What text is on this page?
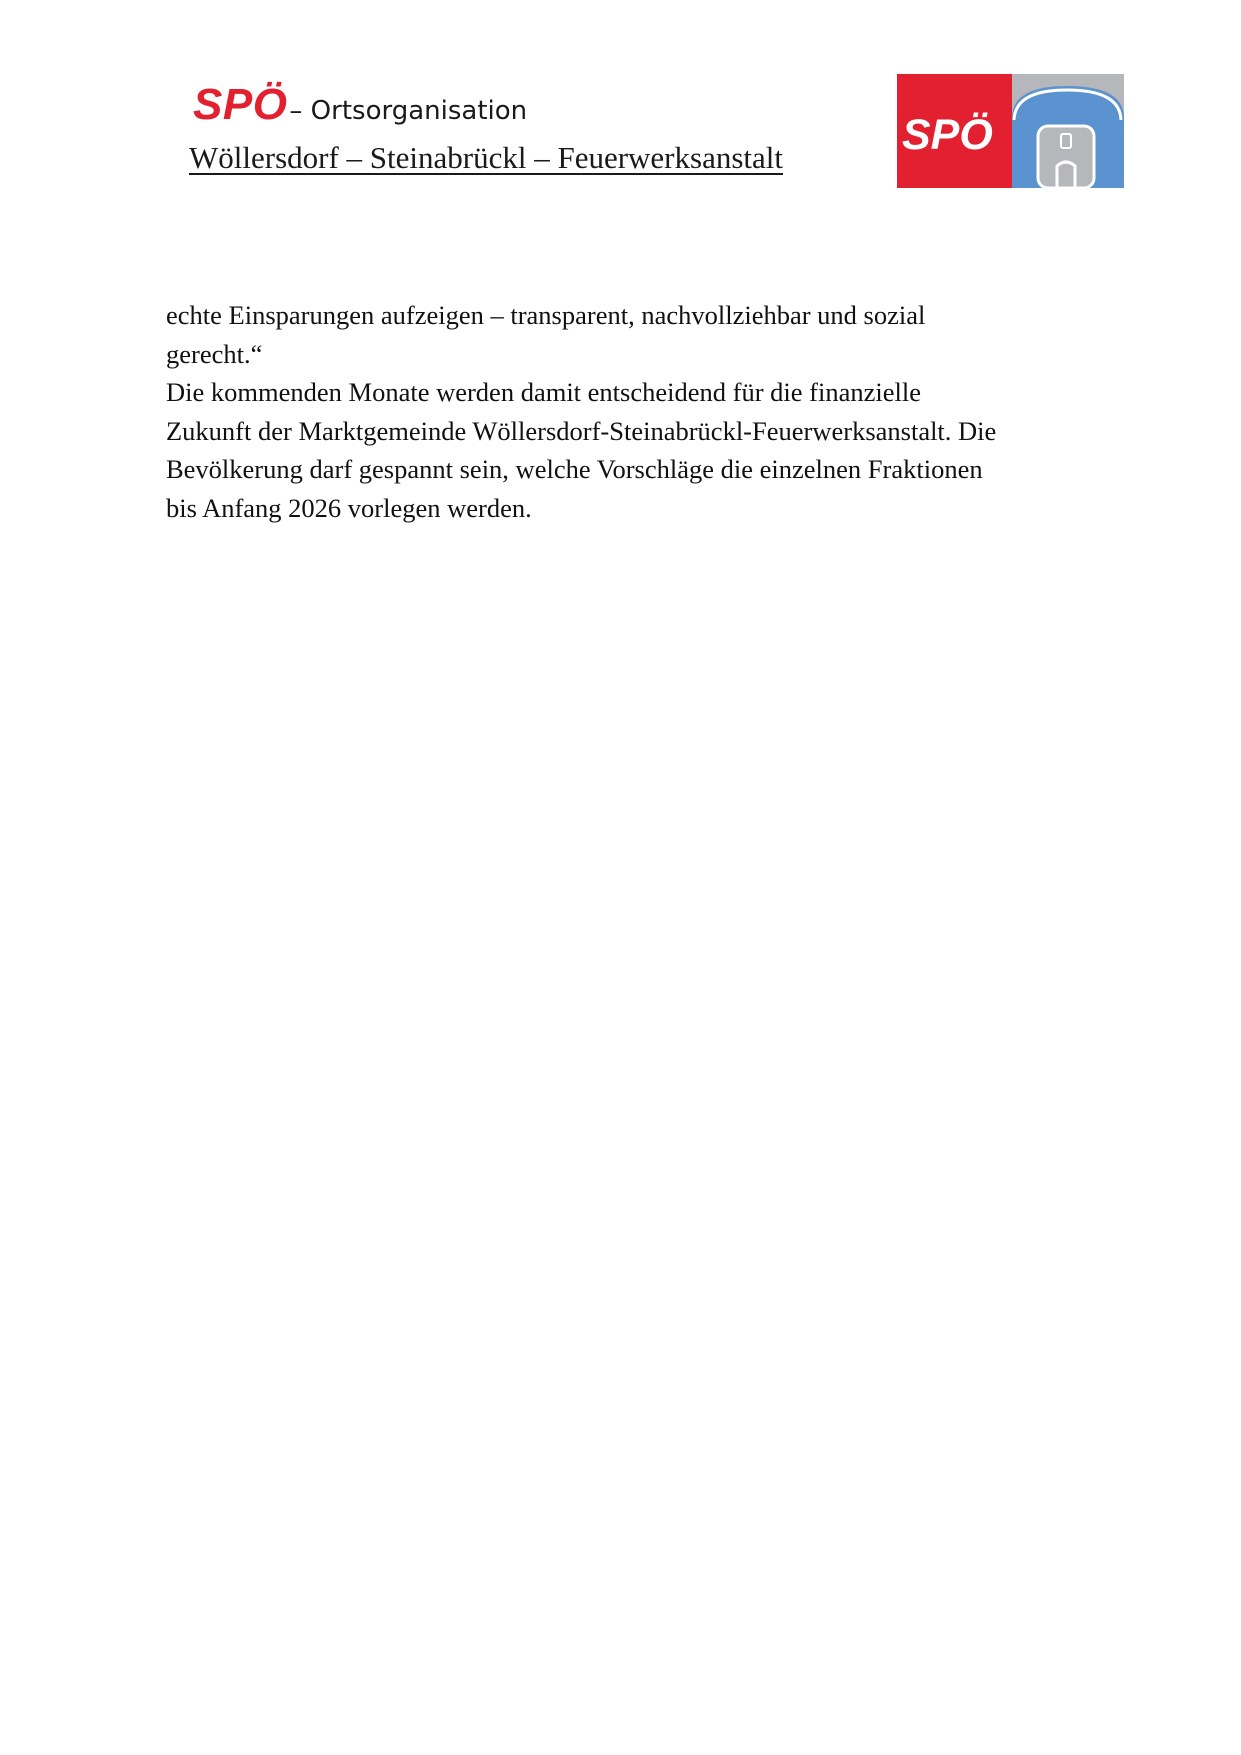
SPÖ– Ortsorganisation
Wöllersdorf – Steinabrückl – Feuerwerksanstalt	SPÖ

echte Einsparungen aufzeigen – transparent, nachvollziehbar und sozial

gerecht.“

Die kommenden Monate werden damit entscheidend für die finanzielle

Zukunft der Marktgemeinde Wöllersdorf-Steinabrückl-Feuerwerksanstalt. Die

Bevölkerung darf gespannt sein, welche Vorschläge die einzelnen Fraktionen

bis Anfang 2026 vorlegen werden.
